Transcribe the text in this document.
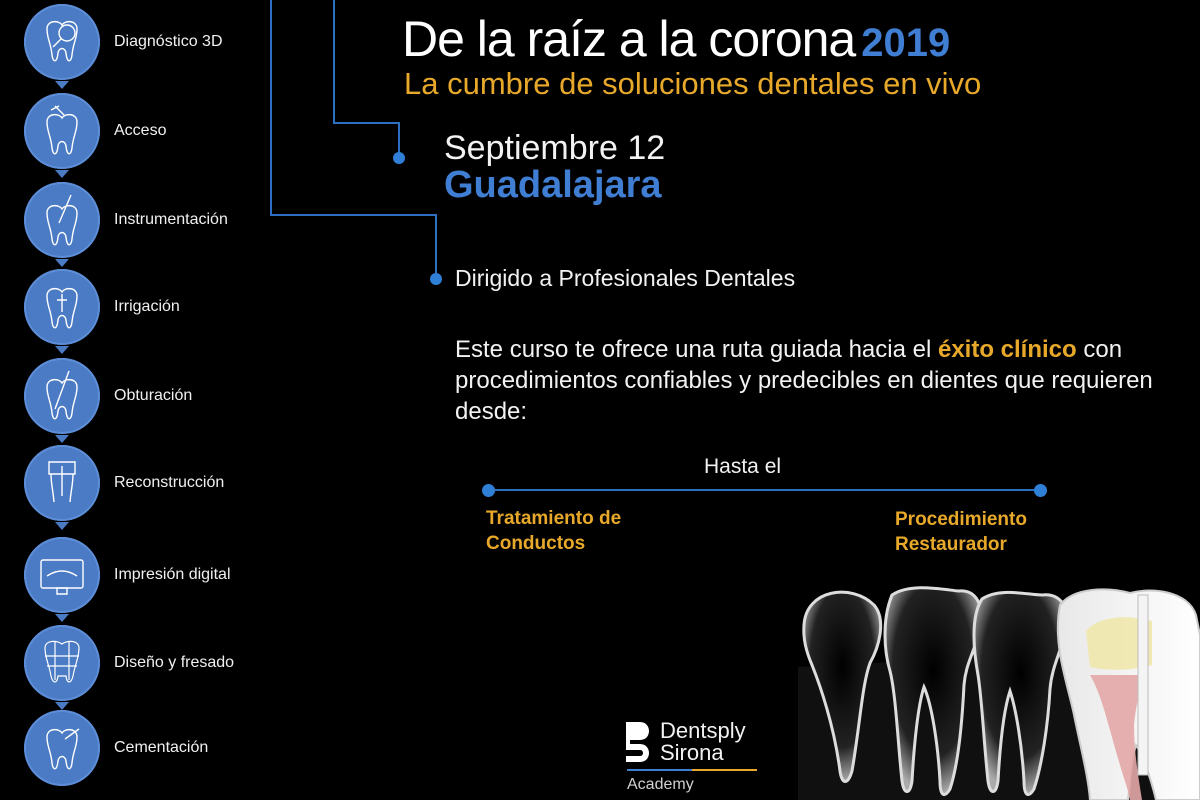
Diagnóstico 3D
Acceso
Instrumentación
Irrigación
Obturación
Reconstrucción
Impresión digital
Diseño y fresado
Cementación
De la raíz a la corona 2019
La cumbre de soluciones dentales en vivo
Septiembre 12
Guadalajara
Dirigido a Profesionales Dentales
Este curso te ofrece una ruta guiada hacia el éxito clínico con procedimientos confiables y predecibles en dientes que requieren desde:
Hasta el
Tratamiento de
Conductos
Procedimiento
Restaurador
Dentsply
Sirona
Academy
